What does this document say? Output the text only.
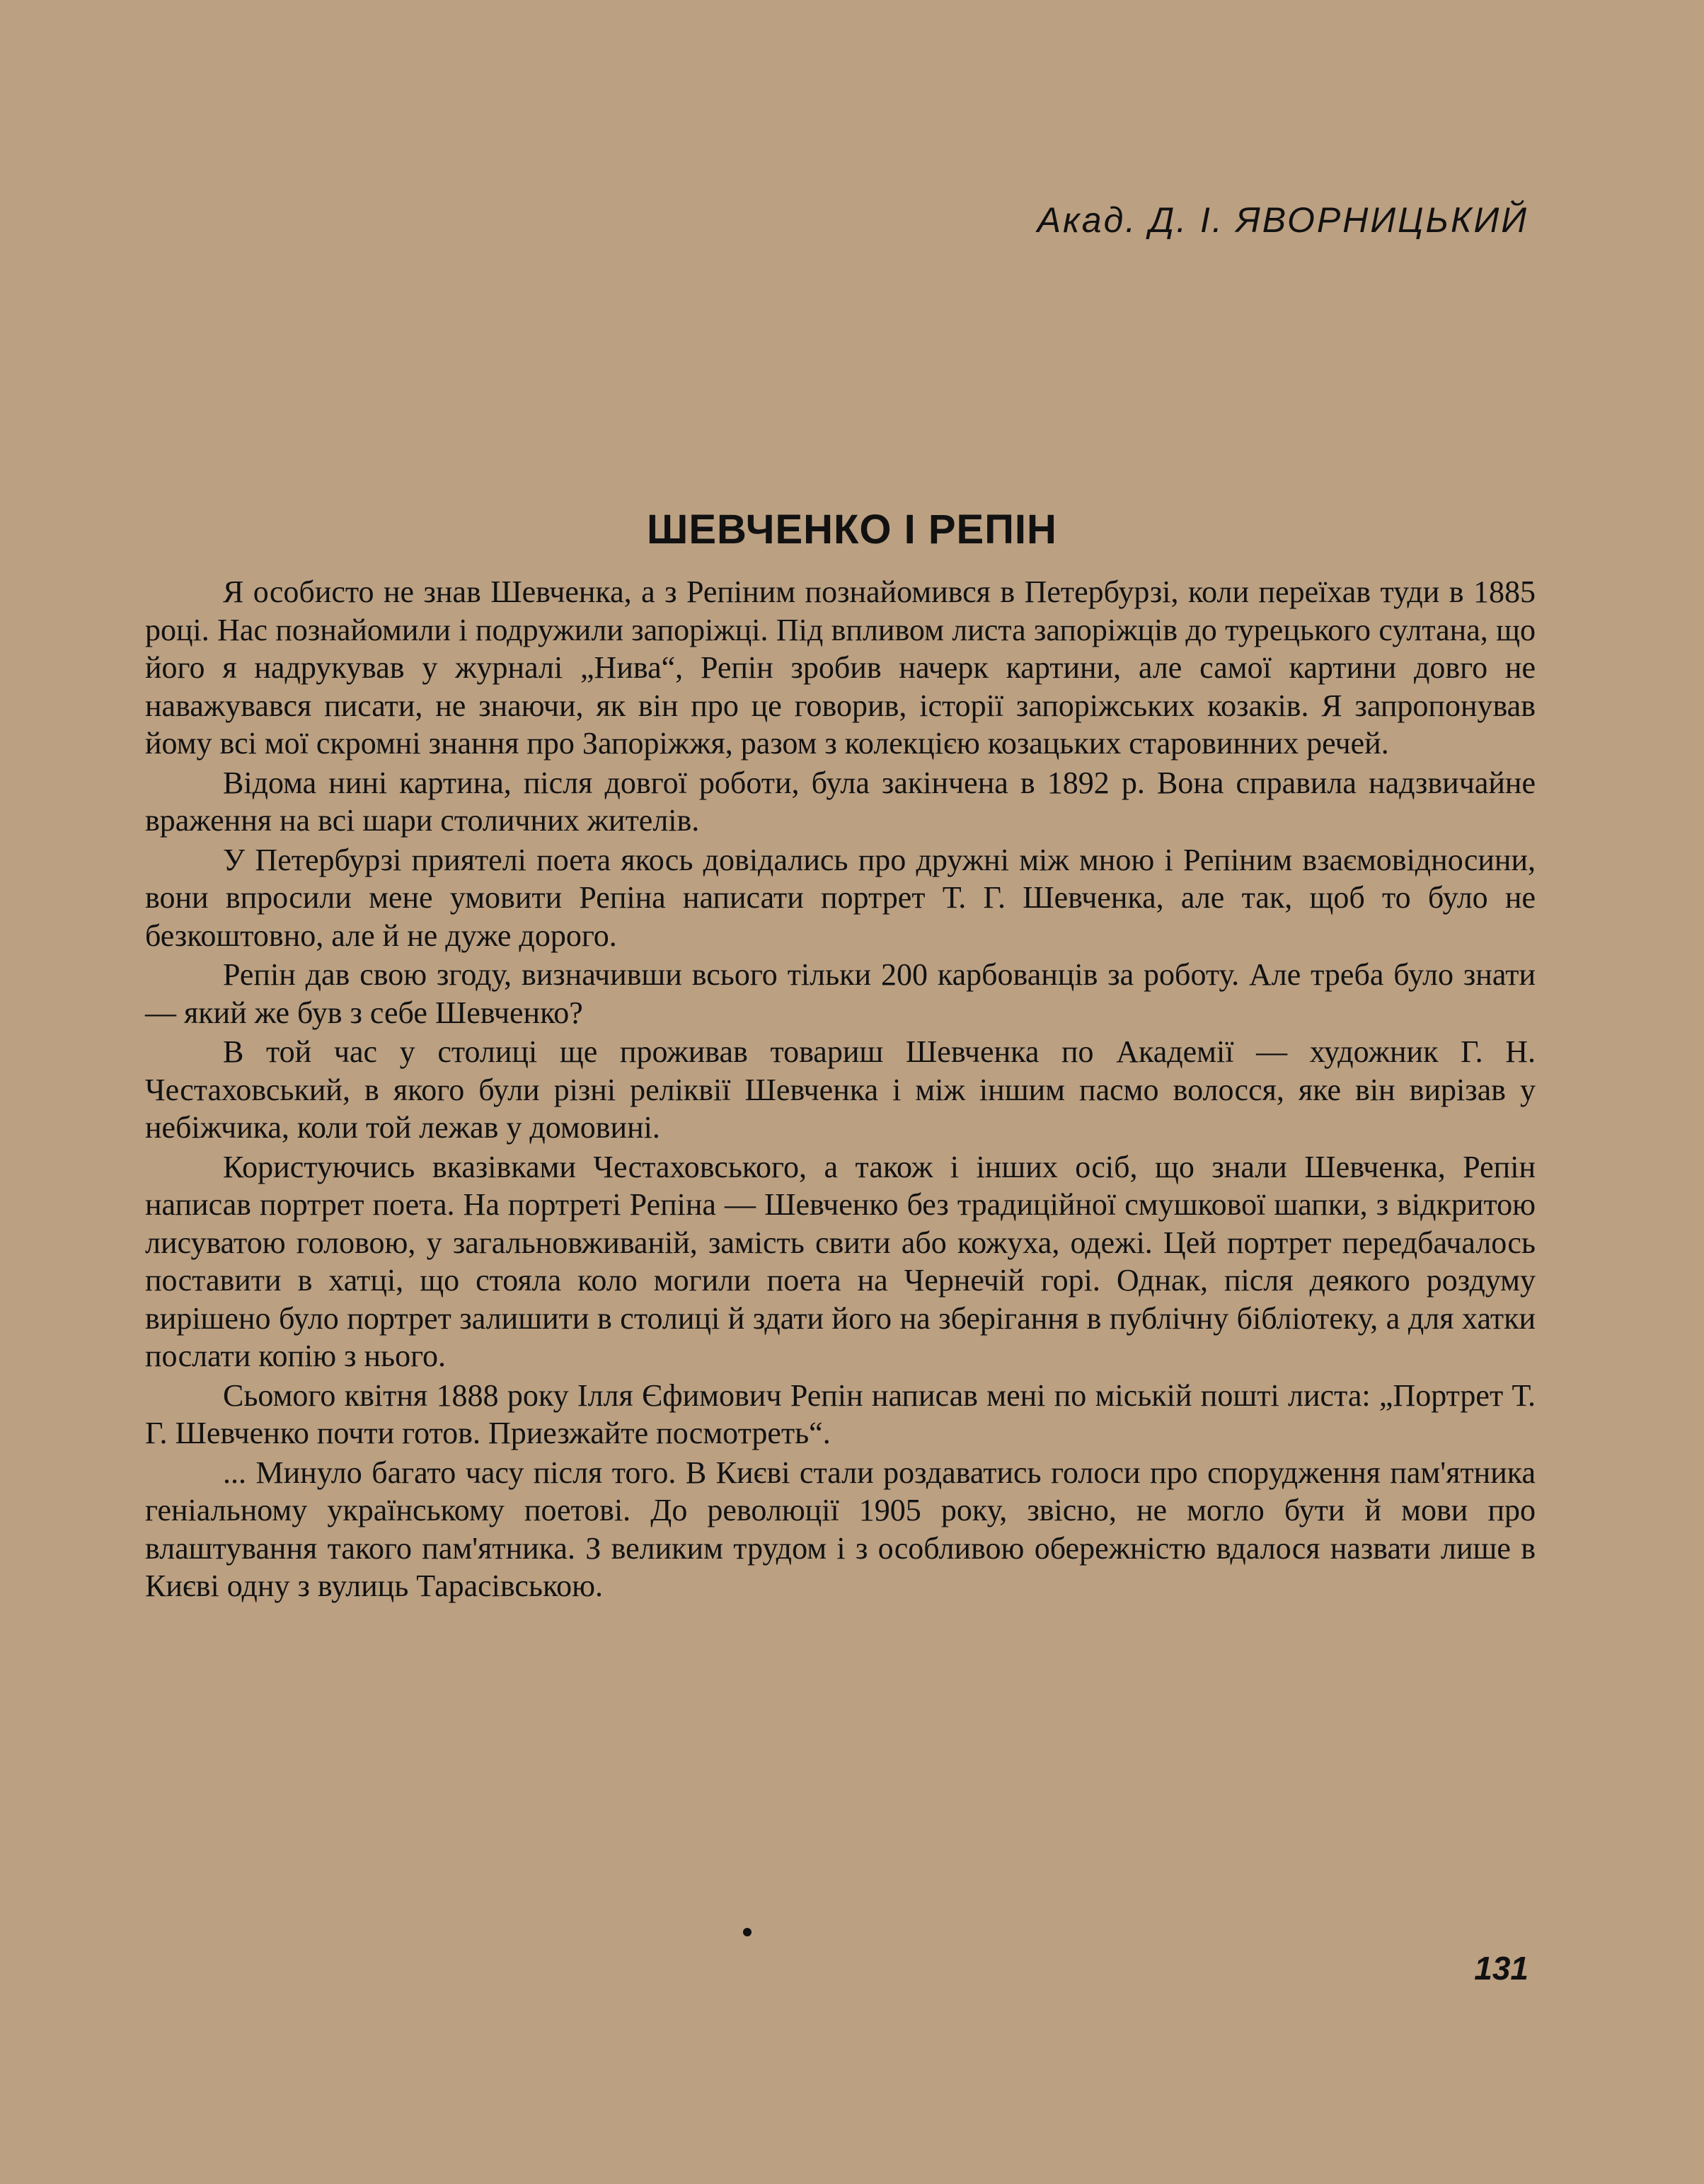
Акад. Д. І. ЯВОРНИЦЬКИЙ
ШЕВЧЕНКО І РЕПІН

Я особисто не знав Шевченка, а з Репіним познайомився в Петербурзі, коли переїхав туди в 1885 році. Нас познайомили і подружили запоріжці. Під впливом листа запоріжців до турецького султана, що його я надрукував у журналі „Нива“, Репін зробив начерк картини, але самої картини довго не наважувався писати, не знаючи, як він про це говорив, історії запоріжських козаків. Я запропонував йому всі мої скромні знання про Запоріжжя, разом з колекцією козацьких старовинних речей.

Відома нині картина, після довгої роботи, була закінчена в 1892 р. Вона справила надзвичайне враження на всі шари столичних жителів.

У Петербурзі приятелі поета якось довідались про дружні між мною і Репіним взаємовідносини, вони впросили мене умовити Репіна написати портрет Т. Г. Шевченка, але так, щоб то було не безкоштовно, але й не дуже дорого.

Репін дав свою згоду, визначивши всього тільки 200 карбованців за роботу. Але треба було знати — який же був з себе Шевченко?

В той час у столиці ще проживав товариш Шевченка по Академії — художник Г. Н. Честаховський, в якого були різні реліквії Шевченка і між іншим пасмо волосся, яке він вирізав у небіжчика, коли той лежав у домовині.

Користуючись вказівками Честаховського, а також і інших осіб, що знали Шевченка, Репін написав портрет поета. На портреті Репіна — Шевченко без традиційної смушкової шапки, з відкритою лисуватою головою, у загальновживаній, замість свити або кожуха, одежі. Цей портрет передбачалось поставити в хатці, що стояла коло могили поета на Чернечій горі. Однак, після деякого роздуму вирішено було портрет залишити в столиці й здати його на зберігання в публічну бібліотеку, а для хатки послати копію з нього.

Сьомого квітня 1888 року Ілля Єфимович Репін написав мені по міській пошті листа: „Портрет Т. Г. Шевченко почти готов. Приезжайте посмотреть“.

... Минуло багато часу після того. В Києві стали роздаватись голоси про спорудження пам'ятника геніальному українському поетові. До революції 1905 року, звісно, не могло бути й мови про влаштування такого пам'ятника. З великим трудом і з особливою обережністю вдалося назвати лише в Києві одну з вулиць Тарасівською.

131
